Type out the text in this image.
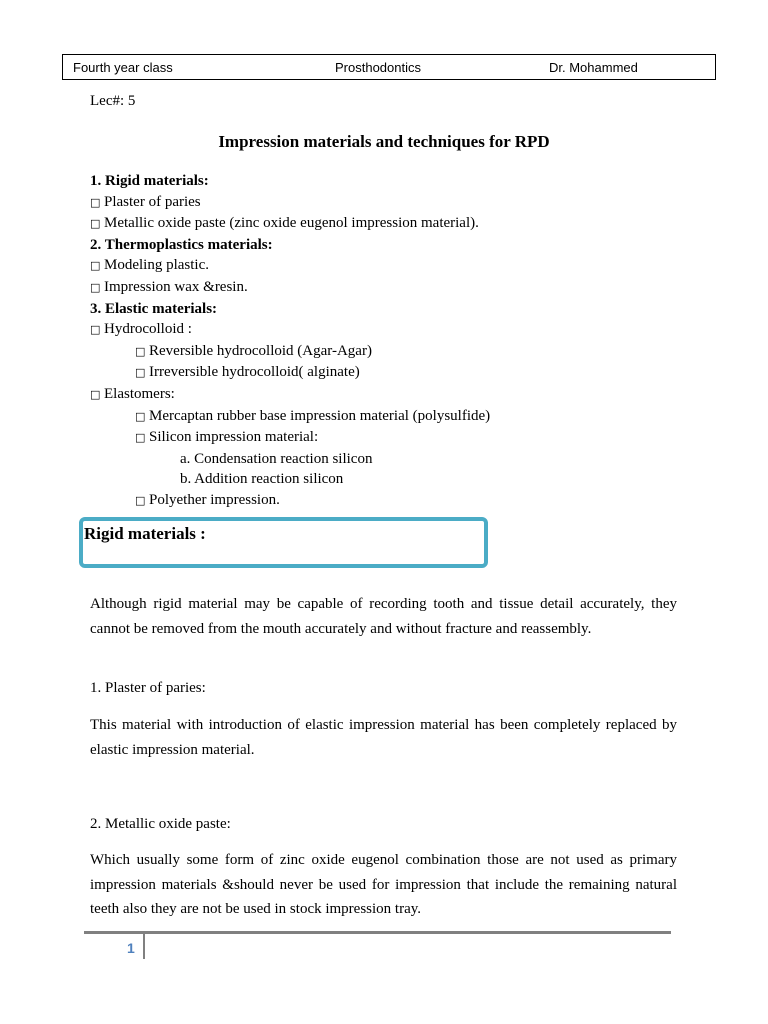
Fourth year class	Prosthodontics	Dr. Mohammed
Lec#: 5
Impression materials and techniques for RPD
1. Rigid materials:
□ Plaster of paries
□ Metallic oxide paste (zinc oxide eugenol impression material).
2. Thermoplastics materials:
□ Modeling plastic.
□ Impression wax &resin.
3. Elastic materials:
□ Hydrocolloid :
□ Reversible hydrocolloid (Agar-Agar)
□ Irreversible hydrocolloid( alginate)
□ Elastomers:
□ Mercaptan rubber base impression material (polysulfide)
□ Silicon impression material:
a. Condensation reaction silicon
b. Addition reaction silicon
□ Polyether impression.
Rigid materials :
Although rigid material may be capable of recording tooth and tissue detail accurately, they cannot be removed from the mouth accurately and without fracture and reassembly.
1. Plaster of paries:
This material with introduction of elastic impression material has been completely replaced by elastic impression material.
2. Metallic oxide paste:
Which usually some form of zinc oxide eugenol combination those are not used as primary impression materials &should never be used for impression that include the remaining natural teeth also they are not be used in stock impression tray.
1
